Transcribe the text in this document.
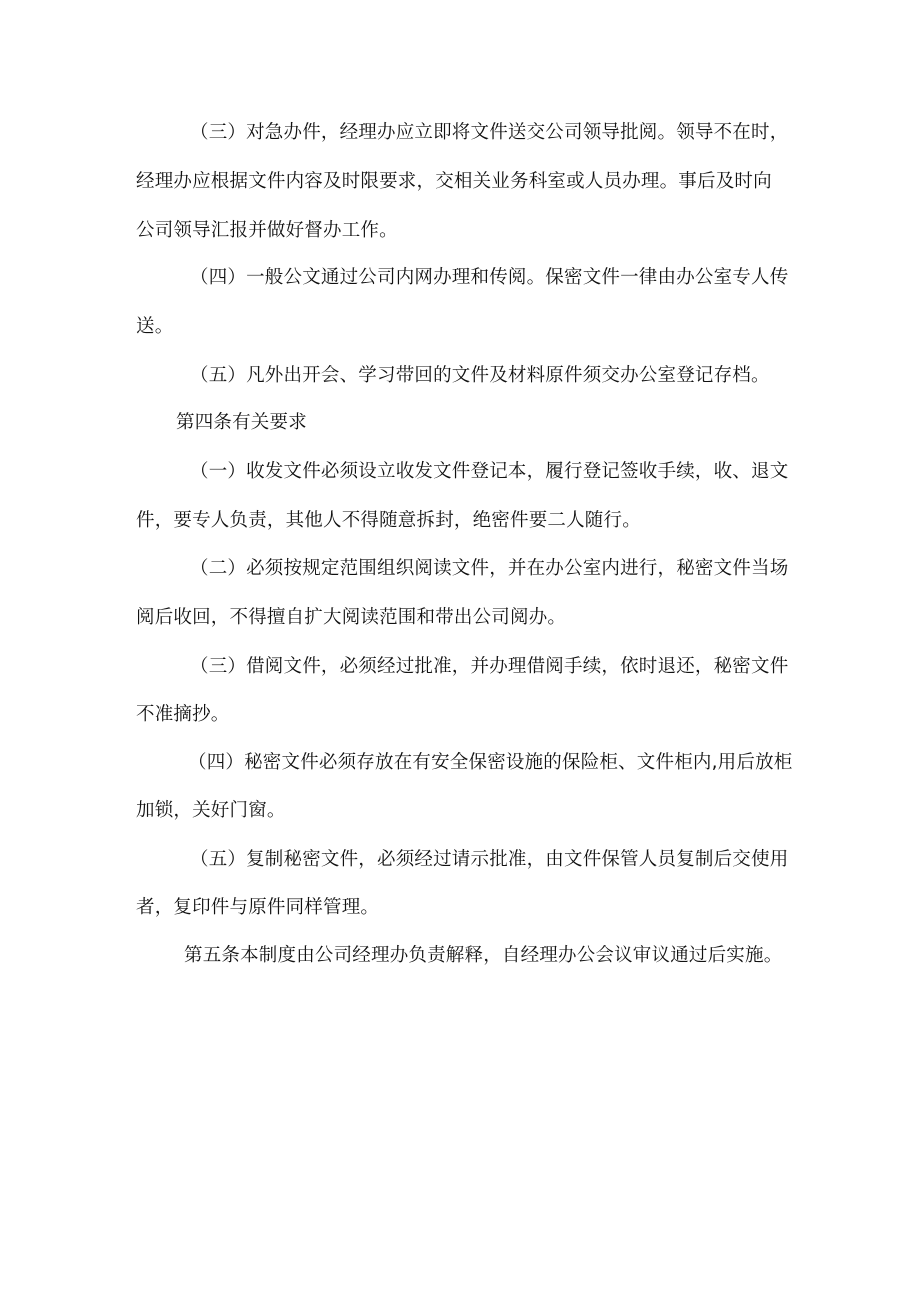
（三）对急办件，经理办应立即将文件送交公司领导批阅。领导不在时，
经理办应根据文件内容及时限要求，交相关业务科室或人员办理。事后及时向
公司领导汇报并做好督办工作。
（四）一般公文通过公司内网办理和传阅。保密文件一律由办公室专人传
送。
（五）凡外出开会、学习带回的文件及材料原件须交办公室登记存档。
第四条有关要求
（一）收发文件必须设立收发文件登记本，履行登记签收手续，收、退文
件，要专人负责，其他人不得随意拆封，绝密件要二人随行。
（二）必须按规定范围组织阅读文件，并在办公室内进行，秘密文件当场
阅后收回，不得擅自扩大阅读范围和带出公司阅办。
（三）借阅文件，必须经过批准，并办理借阅手续，依时退还，秘密文件
不准摘抄。
（四）秘密文件必须存放在有安全保密设施的保险柜、文件柜内,用后放柜
加锁，关好门窗。
（五）复制秘密文件，必须经过请示批准，由文件保管人员复制后交使用
者，复印件与原件同样管理。
第五条本制度由公司经理办负责解释，自经理办公会议审议通过后实施。
